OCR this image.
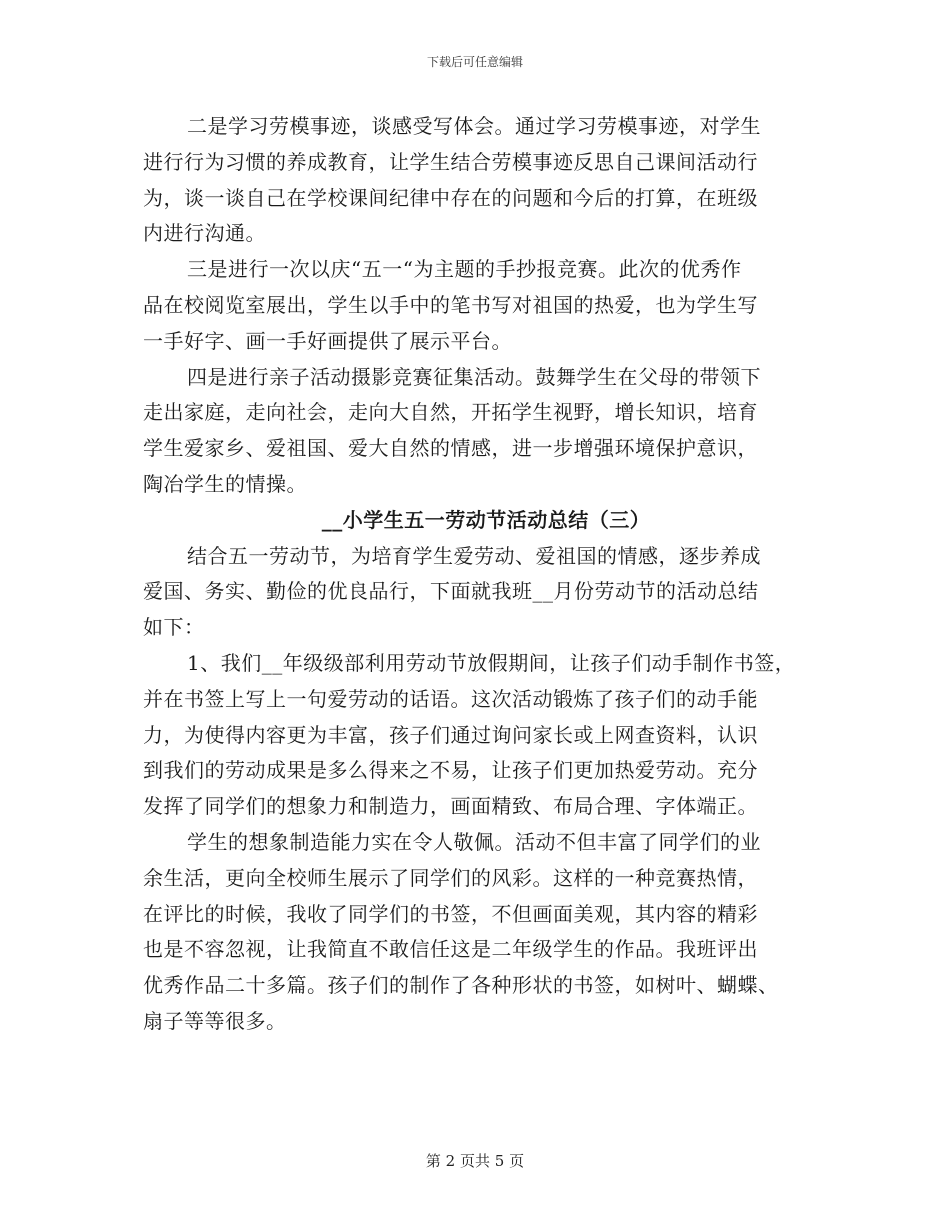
下载后可任意编辑
二是学习劳模事迹，谈感受写体会。通过学习劳模事迹，对学生
进行行为习惯的养成教育，让学生结合劳模事迹反思自己课间活动行
为，谈一谈自己在学校课间纪律中存在的问题和今后的打算，在班级
内进行沟通。
三是进行一次以庆“五一“为主题的手抄报竞赛。此次的优秀作
品在校阅览室展出，学生以手中的笔书写对祖国的热爱，也为学生写
一手好字、画一手好画提供了展示平台。
四是进行亲子活动摄影竞赛征集活动。鼓舞学生在父母的带领下
走出家庭，走向社会，走向大自然，开拓学生视野，增长知识，培育
学生爱家乡、爱祖国、爱大自然的情感，进一步增强环境保护意识，
陶冶学生的情操。
__小学生五一劳动节活动总结（三）
结合五一劳动节，为培育学生爱劳动、爱祖国的情感，逐步养成
爱国、务实、勤俭的优良品行，下面就我班__月份劳动节的活动总结
如下：
1、我们__年级级部利用劳动节放假期间，让孩子们动手制作书签，
并在书签上写上一句爱劳动的话语。这次活动锻炼了孩子们的动手能
力，为使得内容更为丰富，孩子们通过询问家长或上网查资料，认识
到我们的劳动成果是多么得来之不易，让孩子们更加热爱劳动。充分
发挥了同学们的想象力和制造力，画面精致、布局合理、字体端正。
学生的想象制造能力实在令人敬佩。活动不但丰富了同学们的业
余生活，更向全校师生展示了同学们的风彩。这样的一种竞赛热情，
在评比的时候，我收了同学们的书签，不但画面美观，其内容的精彩
也是不容忽视，让我简直不敢信任这是二年级学生的作品。我班评出
优秀作品二十多篇。孩子们的制作了各种形状的书签，如树叶、蝴蝶、
扇子等等很多。
第 2 页共 5 页
